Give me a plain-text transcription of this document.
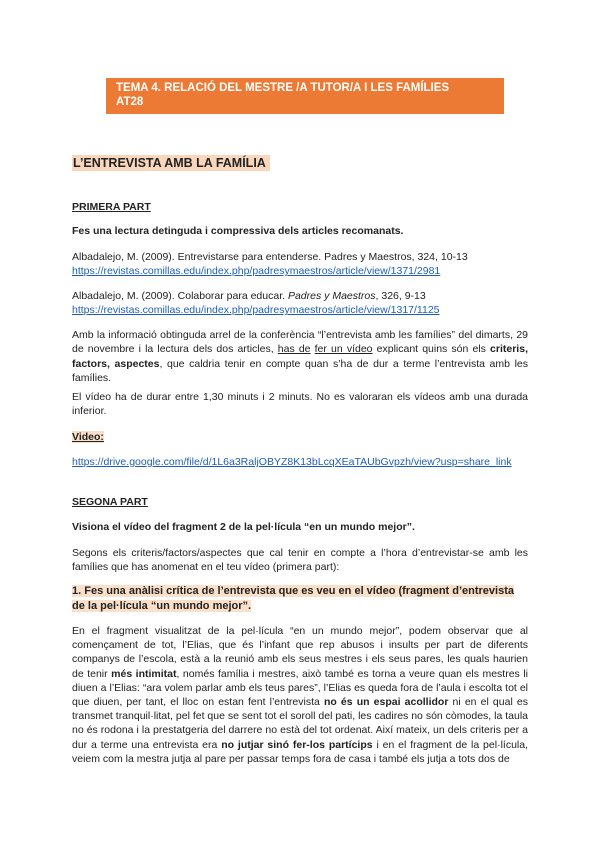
TEMA 4. RELACIÓ DEL MESTRE /A TUTOR/A I LES FAMÍLIES
AT28
L’ENTREVISTA AMB LA FAMÍLIA
PRIMERA PART
Fes una lectura detinguda i compressiva dels articles recomanats.
Albadalejo, M. (2009). Entrevistarse para entenderse. Padres y Maestros, 324, 10-13
https://revistas.comillas.edu/index.php/padresymaestros/article/view/1371/2981
Albadalejo, M. (2009). Colaborar para educar. Padres y Maestros, 326, 9-13
https://revistas.comillas.edu/index.php/padresymaestros/article/view/1317/1125
Amb la informació obtinguda arrel de la conferència “l’entrevista amb les famílies” del dimarts, 29 de novembre i la lectura dels dos articles, has de fer un vídeo explicant quins són els criteris, factors, aspectes, que caldria tenir en compte quan s’ha de dur a terme l’entrevista amb les famílies.
El vídeo ha de durar entre 1,30 minuts i 2 minuts. No es valoraran els vídeos amb una durada inferior.
Video:
https://drive.google.com/file/d/1L6a3RaljOBYZ8K13bLcqXEaTAUbGvpzh/view?usp=share_link
SEGONA PART
Visiona el vídeo del fragment 2 de la pel·lícula “en un mundo mejor”.
Segons els criteris/factors/aspectes que cal tenir en compte a l’hora d’entrevistar-se amb les famílies que has anomenat en el teu vídeo (primera part):
1. Fes una anàlisi crítica de l’entrevista que es veu en el vídeo (fragment d’entrevista de la pel·lícula “un mundo mejor”.
En el fragment visualitzat de la pel·lícula “en un mundo mejor”, podem observar que al començament de tot, l’Elias, que és l’infant que rep abusos i insults per part de diferents companys de l’escola, està a la reunió amb els seus mestres i els seus pares, les quals haurien de tenir més intimitat, només família i mestres, això també es torna a veure quan els mestres li diuen a l’Elias: “ara volem parlar amb els teus pares”, l’Elias es queda fora de l’aula i escolta tot el que diuen, per tant, el lloc on estan fent l’entrevista no és un espai acollidor ni en el qual es transmet tranquil·litat, pel fet que se sent tot el soroll del pati, les cadires no són còmodes, la taula no és rodona i la prestatgeria del darrere no està del tot ordenat. Així mateix, un dels criteris per a dur a terme una entrevista era no jutjar sinó fer-los partícips i en el fragment de la pel·lícula, veiem com la mestra jutja al pare per passar temps fora de casa i també els jutja a tots dos de
